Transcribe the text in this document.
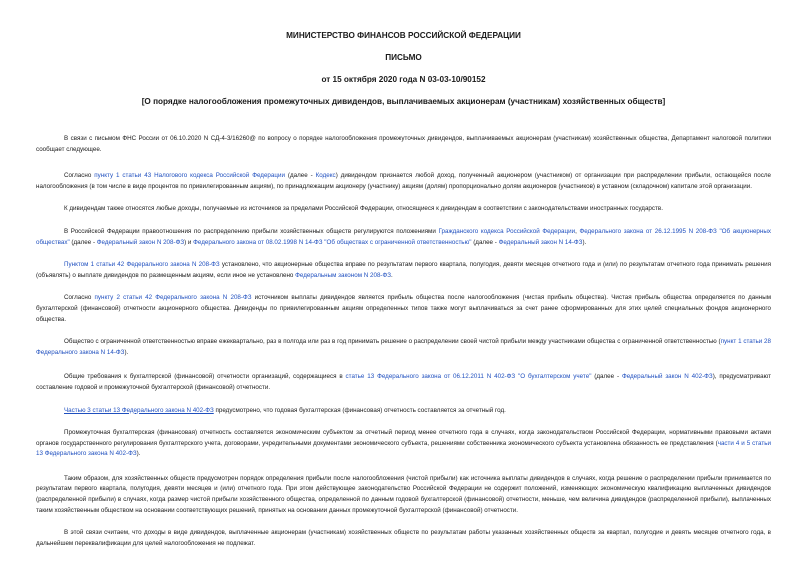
МИНИСТЕРСТВО ФИНАНСОВ РОССИЙСКОЙ ФЕДЕРАЦИИ

ПИСЬМО

от 15 октября 2020 года N 03-03-10/90152

[О порядке налогообложения промежуточных дивидендов, выплачиваемых акционерам (участникам) хозяйственных обществ]

В связи с письмом ФНС России от 06.10.2020 N СД-4-3/16260@ по вопросу о порядке налогообложения промежуточных дивидендов, выплачиваемых акционерам (участникам) хозяйственных общества, Департамент налоговой политики сообщает следующее.

Согласно пункту 1 статьи 43 Налогового кодекса Российской Федерации (далее - Кодекс) дивидендом признается любой доход, полученный акционером (участником) от организации при распределении прибыли, остающейся после налогообложения (в том числе в виде процентов по привилегированным акциям), по принадлежащим акционеру (участнику) акциям (долям) пропорционально долям акционеров (участников) в уставном (складочном) капитале этой организации.

К дивидендам также относятся любые доходы, получаемые из источников за пределами Российской Федерации, относящиеся к дивидендам в соответствии с законодательствами иностранных государств.

В Российской Федерации правоотношения по распределению прибыли хозяйственных обществ регулируются положениями Гражданского кодекса Российской Федерации, Федерального закона от 26.12.1995 N 208-ФЗ "Об акционерных обществах" (далее - Федеральный закон N 208-ФЗ) и Федерального закона от 08.02.1998 N 14-ФЗ "Об обществах с ограниченной ответственностью" (далее - Федеральный закон N 14-ФЗ).

Пунктом 1 статьи 42 Федерального закона N 208-ФЗ установлено, что акционерные общества вправе по результатам первого квартала, полугодия, девяти месяцев отчетного года и (или) по результатам отчетного года принимать решения (объявлять) о выплате дивидендов по размещенным акциям, если иное не установлено Федеральным законом N 208-ФЗ.

Согласно пункту 2 статьи 42 Федерального закона N 208-ФЗ источником выплаты дивидендов является прибыль общества после налогообложения (чистая прибыль общества). Чистая прибыль общества определяется по данным бухгалтерской (финансовой) отчетности акционерного общества. Дивиденды по привилегированным акциям определенных типов также могут выплачиваться за счет ранее сформированных для этих целей специальных фондов акционерного общества.

Общество с ограниченной ответственностью вправе ежеквартально, раз в полгода или раз в год принимать решение о распределении своей чистой прибыли между участниками общества с ограниченной ответственностью (пункт 1 статьи 28 Федерального закона N 14-ФЗ).

Общие требования к бухгалтерской (финансовой) отчетности организаций, содержащиеся в статье 13 Федерального закона от 06.12.2011 N 402-ФЗ "О бухгалтерском учете" (далее - Федеральный закон N 402-ФЗ), предусматривают составление годовой и промежуточной бухгалтерской (финансовой) отчетности.

Частью 3 статьи 13 Федерального закона N 402-ФЗ предусмотрено, что годовая бухгалтерская (финансовая) отчетность составляется за отчетный год.

Промежуточная бухгалтерская (финансовая) отчетность составляется экономическим субъектом за отчетный период менее отчетного года в случаях, когда законодательством Российской Федерации, нормативными правовыми актами органов государственного регулирования бухгалтерского учета, договорами, учредительными документами экономического субъекта, решениями собственника экономического субъекта установлена обязанность ее представления (части 4 и 5 статьи 13 Федерального закона N 402-ФЗ).

Таким образом, для хозяйственных обществ предусмотрен порядок определения прибыли после налогообложения (чистой прибыли) как источника выплаты дивидендов в случаях, когда решение о распределении прибыли принимается по результатам первого квартала, полугодия, девяти месяцев и (или) отчетного года. При этом действующее законодательство Российской Федерации не содержит положений, изменяющих экономическую квалификацию выплаченных дивидендов (распределенной прибыли) в случаях, когда размер чистой прибыли хозяйственного общества, определенной по данным годовой бухгалтерской (финансовой) отчетности, меньше, чем величина дивидендов (распределенной прибыли), выплаченных таким хозяйственным обществом на основании соответствующих решений, принятых на основании данных промежуточной бухгалтерской (финансовой) отчетности.

В этой связи считаем, что доходы в виде дивидендов, выплаченные акционерам (участникам) хозяйственных обществ по результатам работы указанных хозяйственных обществ за квартал, полугодие и девять месяцев отчетного года, в дальнейшем переквалификации для целей налогообложения не подлежат.
